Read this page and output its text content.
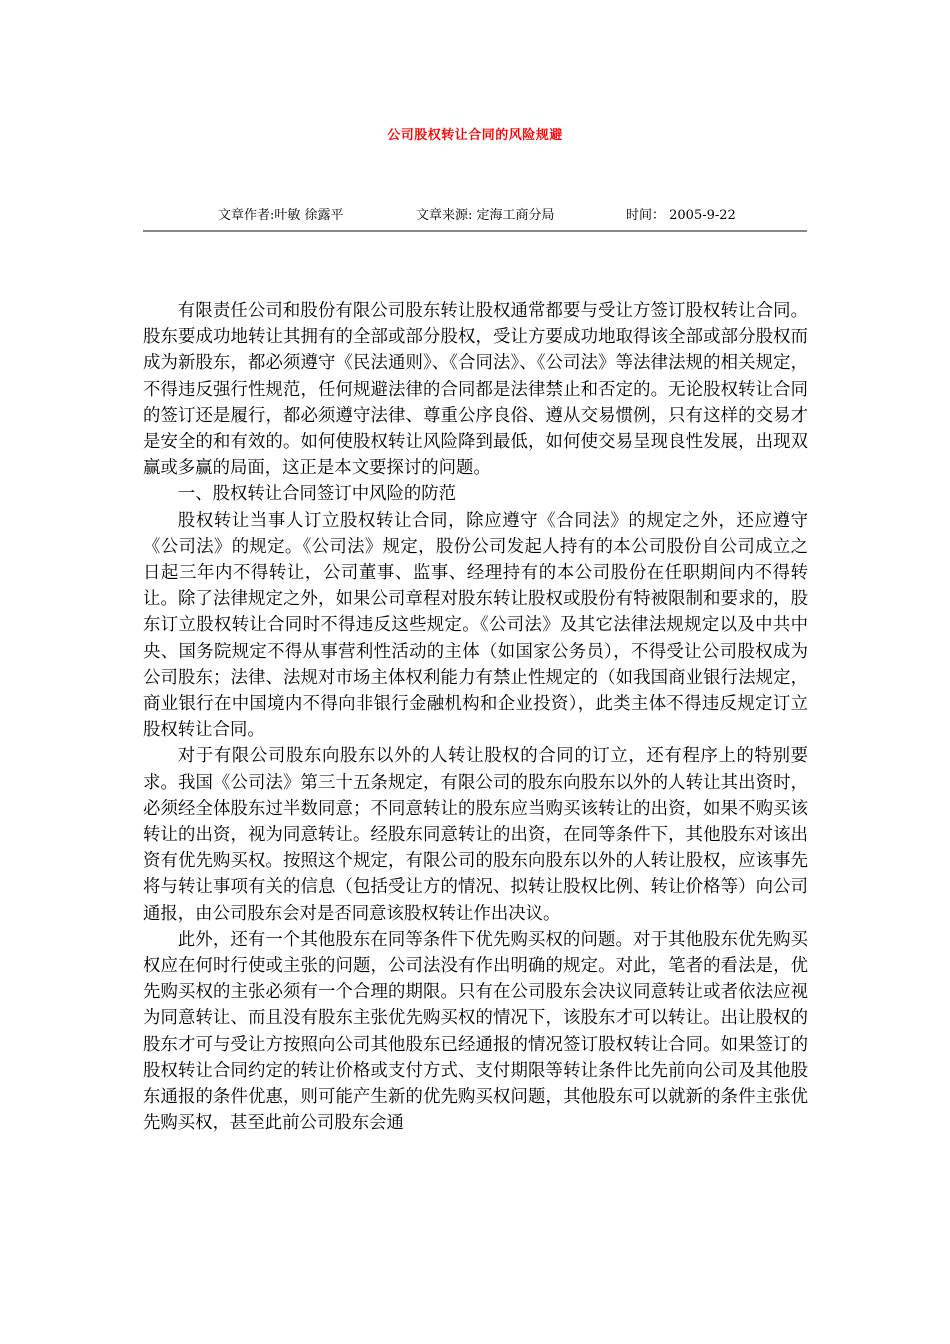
公司股权转让合同的风险规避
文章作者:叶敏 徐露平	文章来源: 定海工商分局	时间： 2005-9-22

有限责任公司和股份有限公司股东转让股权通常都要与受让方签订股权转让合同。股东要成功地转让其拥有的全部或部分股权，受让方要成功地取得该全部或部分股权而成为新股东，都必须遵守《民法通则》、《合同法》、《公司法》等法律法规的相关规定，不得违反强行性规范，任何规避法律的合同都是法律禁止和否定的。无论股权转让合同的签订还是履行，都必须遵守法律、尊重公序良俗、遵从交易惯例，只有这样的交易才是安全的和有效的。如何使股权转让风险降到最低，如何使交易呈现良性发展，出现双赢或多赢的局面，这正是本文要探讨的问题。

一、股权转让合同签订中风险的防范

股权转让当事人订立股权转让合同，除应遵守《合同法》的规定之外，还应遵守《公司法》的规定。《公司法》规定，股份公司发起人持有的本公司股份自公司成立之日起三年内不得转让，公司董事、监事、经理持有的本公司股份在任职期间内不得转让。除了法律规定之外，如果公司章程对股东转让股权或股份有特被限制和要求的，股东订立股权转让合同时不得违反这些规定。《公司法》及其它法律法规规定以及中共中央、国务院规定不得从事营利性活动的主体（如国家公务员），不得受让公司股权成为公司股东；法律、法规对市场主体权利能力有禁止性规定的（如我国商业银行法规定，商业银行在中国境内不得向非银行金融机构和企业投资），此类主体不得违反规定订立股权转让合同。

对于有限公司股东向股东以外的人转让股权的合同的订立，还有程序上的特别要求。我国《公司法》第三十五条规定，有限公司的股东向股东以外的人转让其出资时，必须经全体股东过半数同意；不同意转让的股东应当购买该转让的出资，如果不购买该转让的出资，视为同意转让。经股东同意转让的出资，在同等条件下，其他股东对该出资有优先购买权。按照这个规定，有限公司的股东向股东以外的人转让股权，应该事先将与转让事项有关的信息（包括受让方的情况、拟转让股权比例、转让价格等）向公司通报，由公司股东会对是否同意该股权转让作出决议。

此外，还有一个其他股东在同等条件下优先购买权的问题。对于其他股东优先购买权应在何时行使或主张的问题，公司法没有作出明确的规定。对此，笔者的看法是，优先购买权的主张必须有一个合理的期限。只有在公司股东会决议同意转让或者依法应视为同意转让、而且没有股东主张优先购买权的情况下，该股东才可以转让。出让股权的股东才可与受让方按照向公司其他股东已经通报的情况签订股权转让合同。如果签订的股权转让合同约定的转让价格或支付方式、支付期限等转让条件比先前向公司及其他股东通报的条件优惠，则可能产生新的优先购买权问题，其他股东可以就新的条件主张优先购买权，甚至此前公司股东会通
